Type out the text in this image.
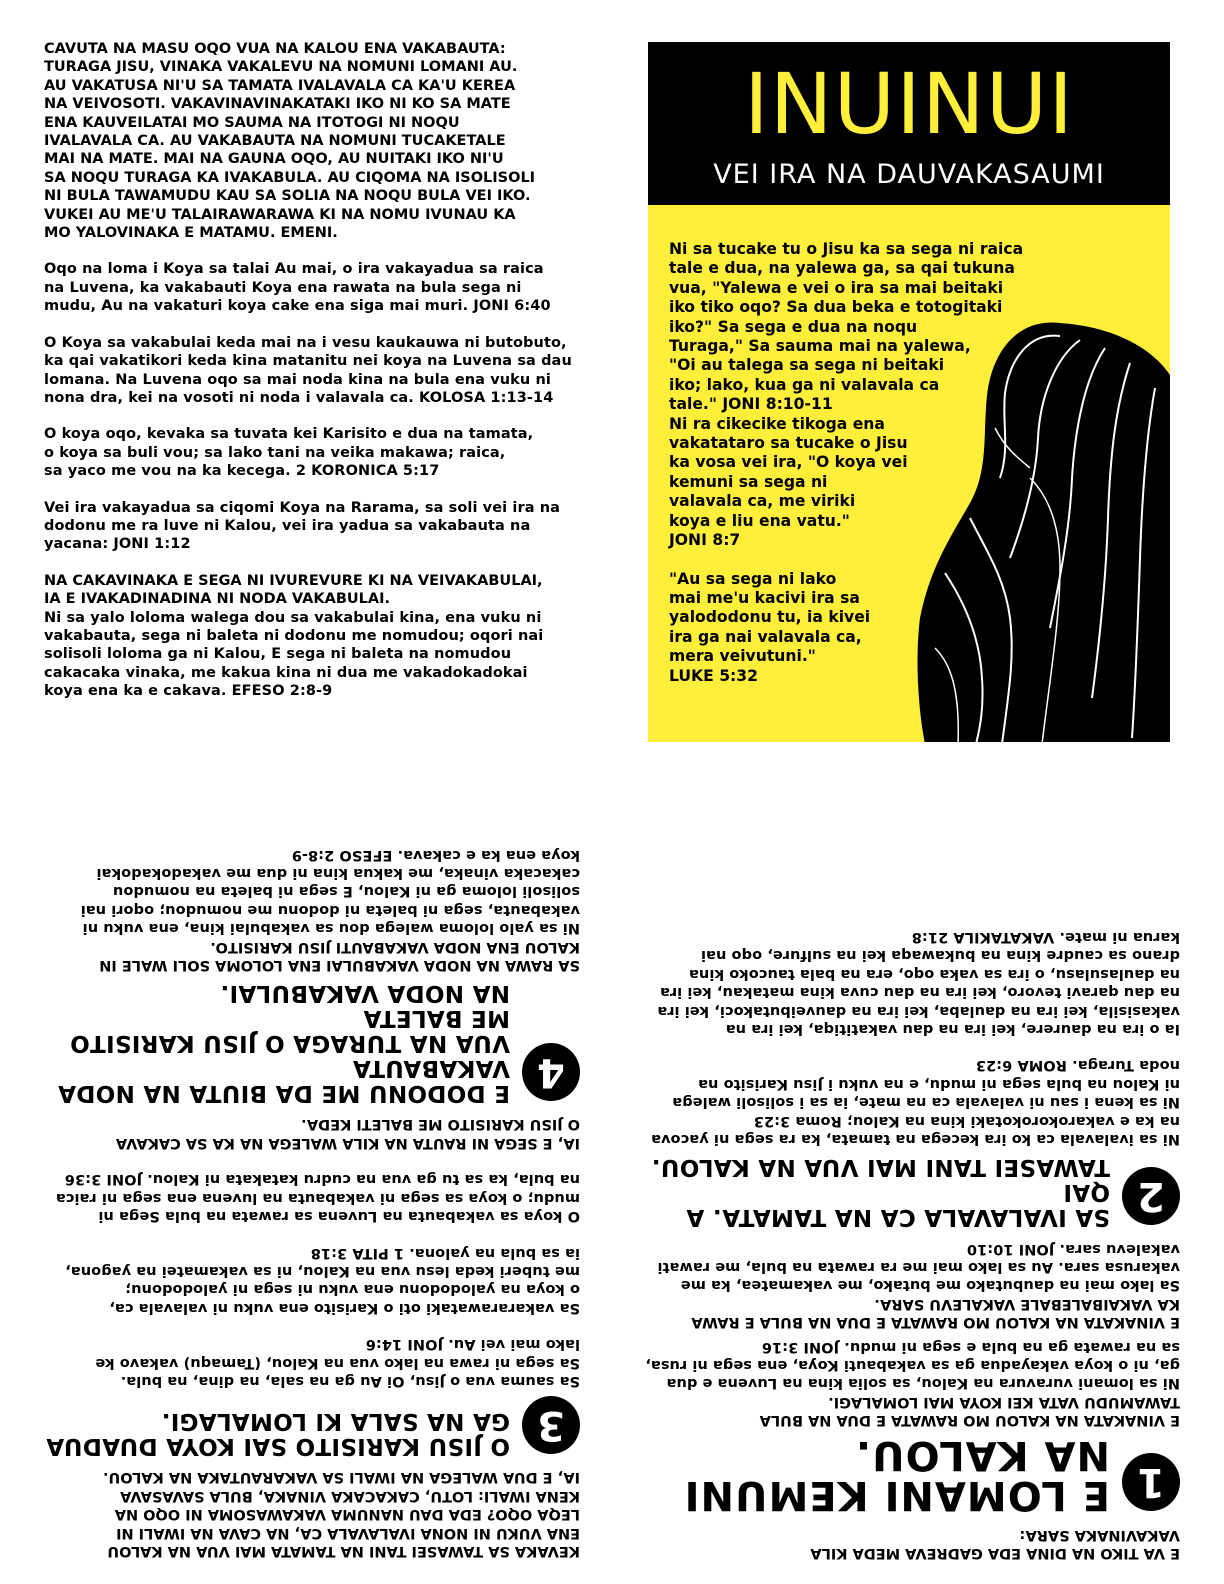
CAVUTA NA MASU OQO VUA NA KALOU ENA VAKABAUTA:
TURAGA JISU, VINAKA VAKALEVU NA NOMUNI LOMANI AU.
AU VAKATUSA NI'U SA TAMATA IVALAVALA CA KA'U KEREA
NA VEIVOSOTI. VAKAVINAVINAKATAKI IKO NI KO SA MATE
ENA KAUVEILATAI MO SAUMA NA ITOTOGI NI NOQU
IVALAVALA CA. AU VAKABAUTA NA NOMUNI TUCAKETALE
MAI NA MATE. MAI NA GAUNA OQO, AU NUITAKI IKO NI'U
SA NOQU TURAGA KA IVAKABULA. AU CIQOMA NA ISOLISOLI
NI BULA TAWAMUDU KAU SA SOLIA NA NOQU BULA VEI IKO.
VUKEI AU ME'U TALAIRAWARAWA KI NA NOMU IVUNAU KA
MO YALOVINAKA E MATAMU. EMENI.

Oqo na loma i Koya sa talai Au mai, o ira vakayadua sa raica
na Luvena, ka vakabauti Koya ena rawata na bula sega ni
mudu, Au na vakaturi koya cake ena siga mai muri. JONI 6:40

O Koya sa vakabulai keda mai na i vesu kaukauwa ni butobuto,
ka qai vakatikori keda kina matanitu nei koya na Luvena sa dau
lomana. Na Luvena oqo sa mai noda kina na bula ena vuku ni
nona dra, kei na vosoti ni noda i valavala ca. KOLOSA 1:13-14

O koya oqo, kevaka sa tuvata kei Karisito e dua na tamata,
o koya sa buli vou; sa lako tani na veika makawa; raica,
sa yaco me vou na ka kecega. 2 KORONICA 5:17

Vei ira vakayadua sa ciqomi Koya na Rarama, sa soli vei ira na
dodonu me ra luve ni Kalou, vei ira yadua sa vakabauta na
yacana: JONI 1:12

NA CAKAVINAKA E SEGA NI IVUREVURE KI NA VEIVAKABULAI,
IA E IVAKADINADINA NI NODA VAKABULAI.

Ni sa yalo loloma walega dou sa vakabulai kina, ena vuku ni
vakabauta, sega ni baleta ni dodonu me nomudou; oqori nai
solisoli loloma ga ni Kalou, E sega ni baleta na nomudou
cakacaka vinaka, me kakua kina ni dua me vakadokadokai
koya ena ka e cakava. EFESO 2:8-9

INUINUI
VEI IRA NA DAUVAKASAUMI

Ni sa tucake tu o Jisu ka sa sega ni raica
tale e dua, na yalewa ga, sa qai tukuna
vua, "Yalewa e vei o ira sa mai beitaki
iko tiko oqo? Sa dua beka e totogitaki
iko?" Sa sega e dua na noqu
Turaga," Sa sauma mai na yalewa,
"Oi au talega sa sega ni beitaki
iko; lako, kua ga ni valavala ca
tale." JONI 8:10-11
Ni ra cikecike tikoga ena
vakatataro sa tucake o Jisu
ka vosa vei ira, "O koya vei
kemuni sa sega ni
valavala ca, me viriki
koya e liu ena vatu."
JONI 8:7

"Au sa sega ni lako
mai me'u kacivi ira sa
yalododonu tu, ia kivei
ira ga nai valavala ca,
mera veivutuni."
LUKE 5:32

KEVAKA SA TAWASEI TANI NA TAMATA MAI VUA NA KALOU
ENA VUKU NI NONA IVALAVALA CA, NA CAVA NA IWALI NI
LEQA OQO? EDA DAU NANUMA VAKAWASOMA NI OQO NA
KENA IWALI: LOTU, CAKACAKA VINAKA, BULA SAVASAVA
IA, E DUA WALEGA NA IWALI SA VAKARAUTAKA NA KALOU.

3

O JISU KARISITO SAI KOYA DUADUA
GA NA SALA KI LOMALAGI.

Sa sauma vua o Jisu, Oi Au ga na sala, na dina, na bula.
Sa sega ni rawa na lako vua na Kalou, (Tamaqu) vakavo ke
lako mai vei Au. JONI 14:6

Sa vakararawataki oti o Karisito ena vuku ni valavala ca,
o koya na yalododonu ena vuku ni sega ni yalododonu;
me tuberi keda lesu vua na Kalou, ni sa vakamatei na yagona,
ia sa bula na yalona. 1 PITA 3:18

O koya sa vakabauta na Luvena sa rawata na bula Sega ni
mudu; o koya sa sega ni vakabauta na luvena ena sega ni raica
na bula, ka sa tu ga vua na cudru katakata ni Kalou. JONI 3:36

IA, E SEGA NI RAUTA NA KILA WALEGA NA KA SA CAKAVA
O JISU KARISITO ME BALETI KEDA.

4

E DODONU ME DA BIUTA NA NODA VAKABAUTA
VUA NA TURAGA O JISU KARISITO ME BALETA
NA NODA VAKABULAI.

SA RAWA NA NODA VAKABULAI ENA LOLOMA SOLI WALE IN
KALOU ENA NODA VAKABAUTI JISU KARISITO.

Ni sa yalo loloma walega dou sa vakabulai kina, ena vuku ni
vakabauta, sega ni baleta ni dodonu me nomudou; oqori nai
solisoli loloma ga ni Kalou, E sega ni baleta na nomudou
cakacaka vinaka, me kakua kina ni dua me vakadokadokai
koya ena ka e cakava. EFESO 2:8-9

E VA TIKO NA DINA EDA GADREVA MEDA KILA
VAKAVINAKA SARA:

1

E LOMANI KEMUNI
NA KALOU.

E VINAKATA NA KALOU MO RAWATA E DUA NA BULA
TAWAMUDU VATA KEI KOYA MAI LOMALAGI.

Ni sa lomani vuravura na Kalou, sa solia kina na Luvena e dua
ga, ni o koya vakayadua ga sa vakabauti Koya, ena sega ni rusa,
sa na rawata ga na bula e sega ni mudu. JONI 3:16

E VINAKATA NA KALOU MO RAWATA E DUA NA BULA E RAWA
KA VAKAIBALEBALE VAKALEVU SARA.

Sa lako mai na daubutako me butako, me vakamatea, ka me
vakarusa sara. Au sa lako mai me ra rawata na bula, me rawati
vakalevu sara. JONI 10:10

2

SA IVALAVALA CA NA TAMATA. A QAI
TAWASEI TANI MAI VUA NA KALOU.

Ni sa ivalavala ca ko ira kecega na tamata, ka ra sega ni yacova
na ka e vakarokorokotaki kina na Kalou; Roma 3:23

Ni sa kena i sau ni valavala ca na mate, ia sa i solisoli walega
ni Kalou na bula sega ni mudu, e na vuku i Jisu Karisito na
noda Turaga. ROMA 6:23

Ia o ira na daurere, kei ira na dau vakatitiqa, kei ira na
vakasisila, kei ira na daulaba, kei ira na dauveibutakoci, kei ira
na dau qaravi tevoro, kei ira na dau cuva kina matakau, kei ira
na daulasulasu, o ira sa vaka oqo, era na bala taucoko kina
drano sa caudre kina na bukawaqa kei na sulfure, oqo nai
karua ni mate. VAKATAKILA 21:8
